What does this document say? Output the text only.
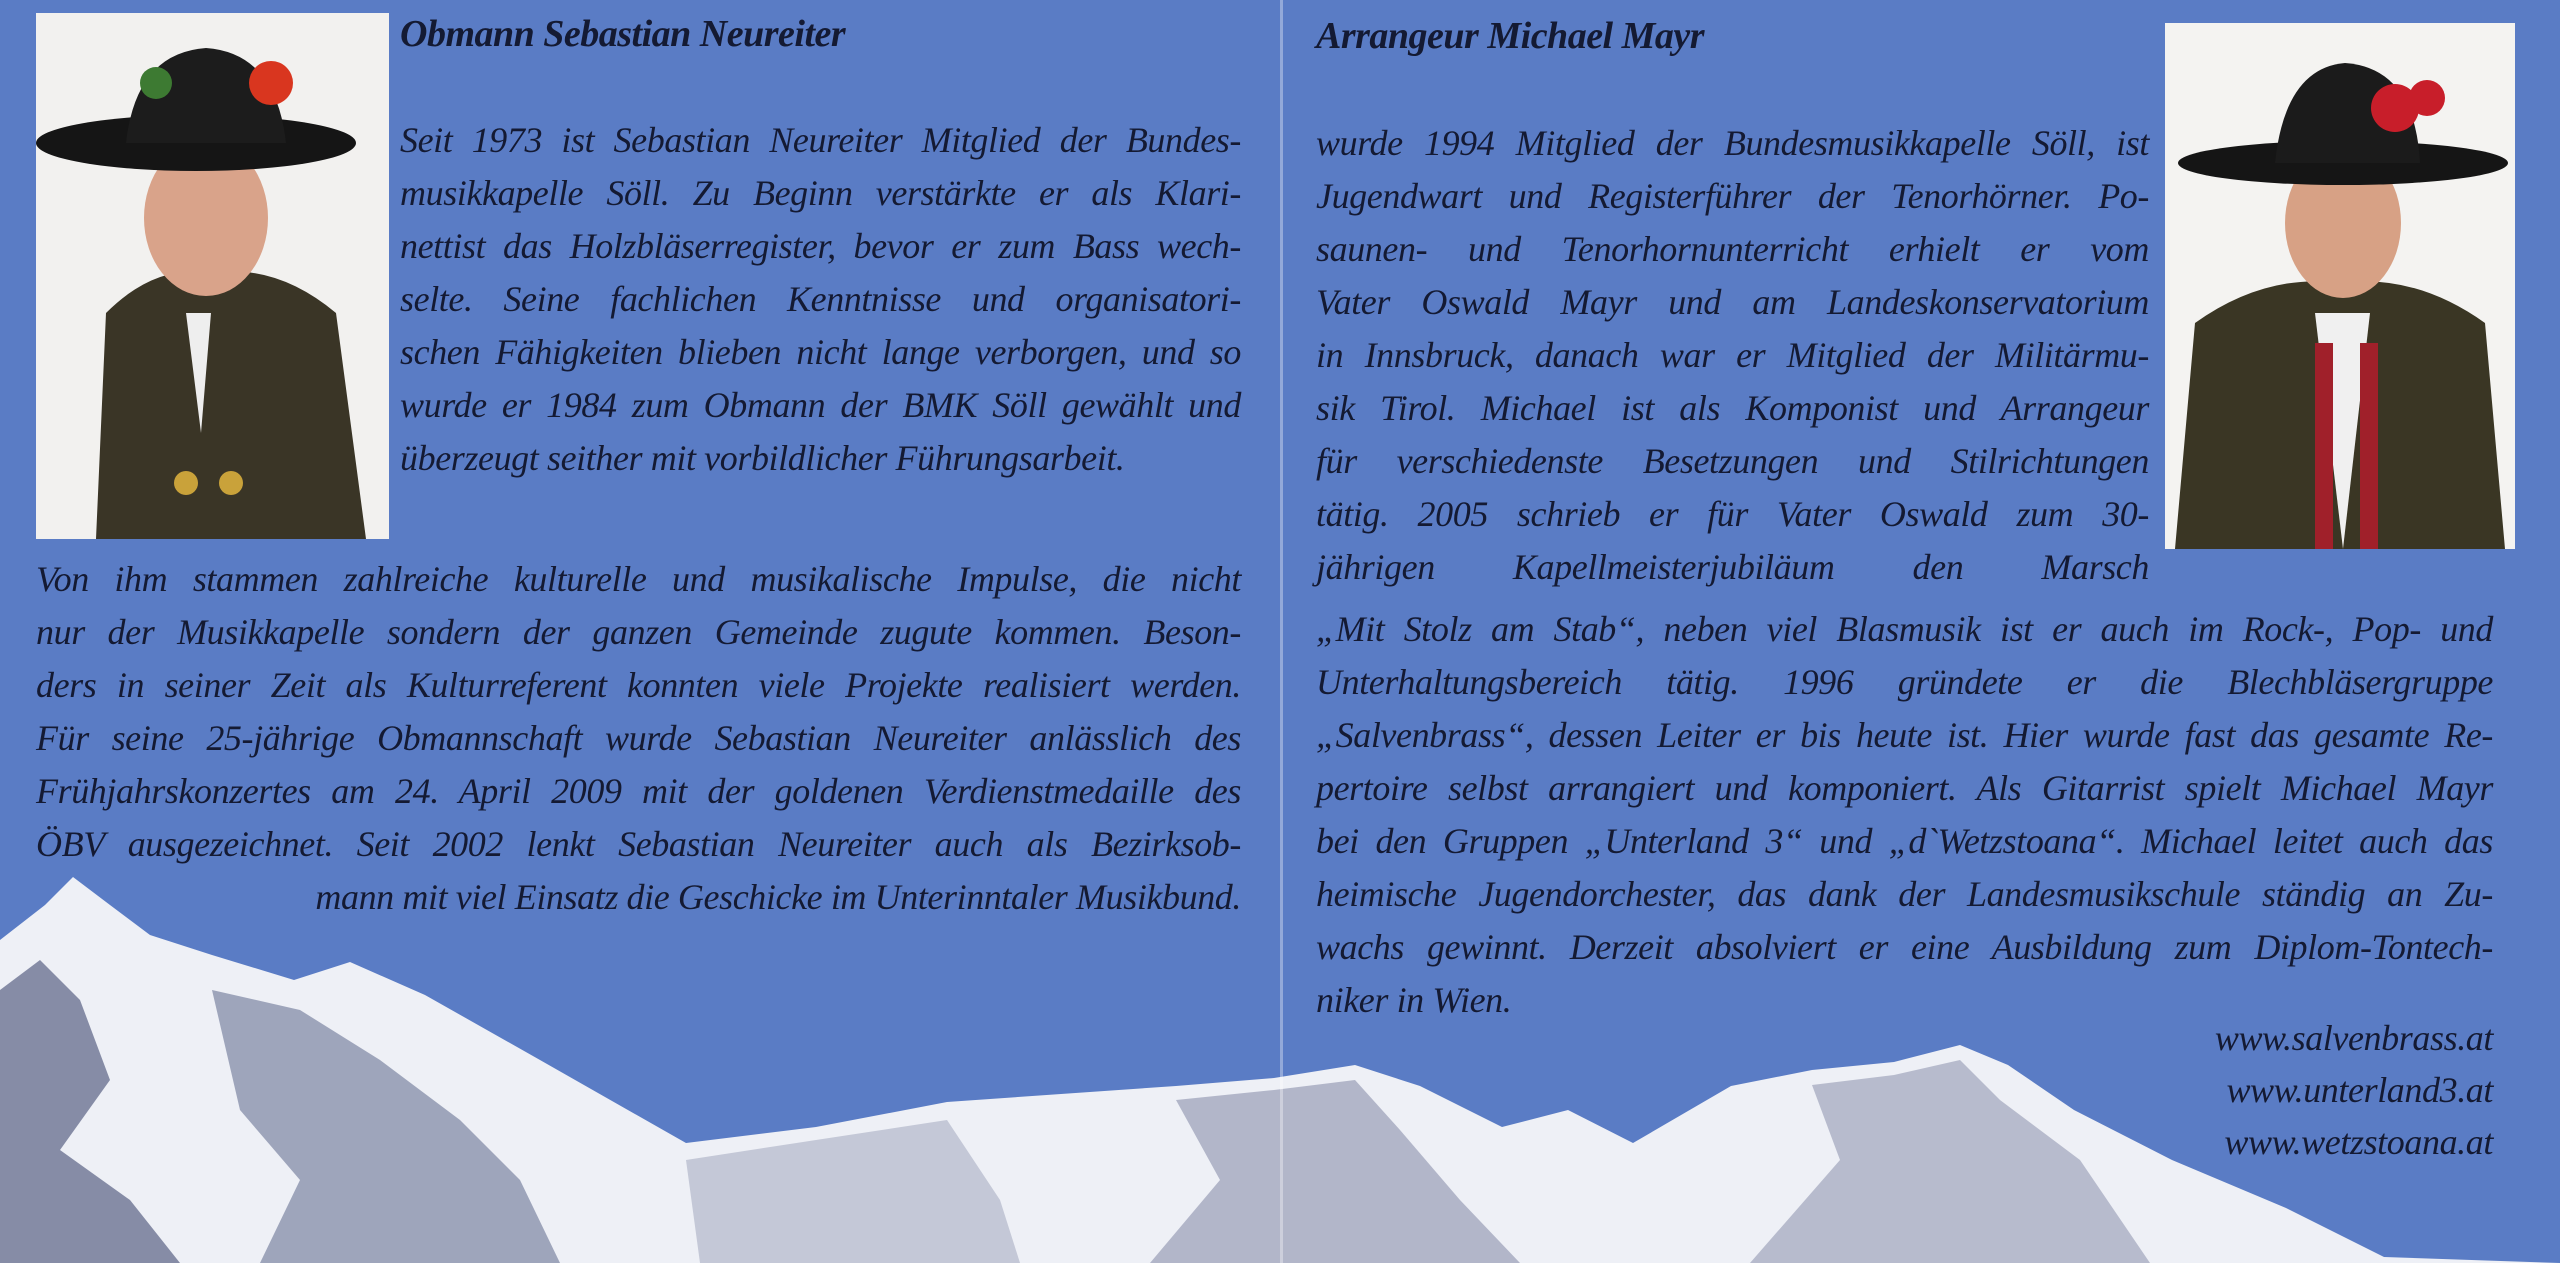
Obmann Sebastian Neureiter	Arrangeur Michael Mayr
Seit 1973 ist Sebastian Neureiter Mitglied der Bundes-
musikkapelle Söll. Zu Beginn verstärkte er als Klari-
nettist das Holzbläserregister, bevor er zum Bass wech-
selte. Seine fachlichen Kenntnisse und organisatori-
schen Fähigkeiten blieben nicht lange verborgen, und so
wurde er 1984 zum Obmann der BMK Söll gewählt und
überzeugt seither mit vorbildlicher Führungsarbeit.
Von ihm stammen zahlreiche kulturelle und musikalische Impulse, die nicht
nur der Musikkapelle sondern der ganzen Gemeinde zugute kommen. Beson-
ders in seiner Zeit als Kulturreferent konnten viele Projekte realisiert werden.
Für seine 25-jährige Obmannschaft wurde Sebastian Neureiter anlässlich des
Frühjahrskonzertes am 24. April 2009 mit der goldenen Verdienstmedaille des
ÖBV ausgezeichnet. Seit 2002 lenkt Sebastian Neureiter auch als Bezirksob-
mann mit viel Einsatz die Geschicke im Unterinntaler Musikbund.
wurde 1994 Mitglied der Bundesmusikkapelle Söll, ist
Jugendwart und Registerführer der Tenorhörner. Po-
saunen- und Tenorhornunterricht erhielt er vom
Vater Oswald Mayr und am Landeskonservatorium
in Innsbruck, danach war er Mitglied der Militärmu-
sik Tirol. Michael ist als Komponist und Arrangeur
für verschiedenste Besetzungen und Stilrichtungen
tätig. 2005 schrieb er für Vater Oswald zum 30-
jährigen Kapellmeisterjubiläum den Marsch
„Mit Stolz am Stab“, neben viel Blasmusik ist er auch im Rock-, Pop- und
Unterhaltungsbereich tätig. 1996 gründete er die Blechbläsergruppe
„Salvenbrass“, dessen Leiter er bis heute ist. Hier wurde fast das gesamte Re-
pertoire selbst arrangiert und komponiert. Als Gitarrist spielt Michael Mayr
bei den Gruppen „Unterland 3“ und „d`Wetzstoana“. Michael leitet auch das
heimische Jugendorchester, das dank der Landesmusikschule ständig an Zu-
wachs gewinnt. Derzeit absolviert er eine Ausbildung zum Diplom-Tontech-
niker in Wien.
www.salvenbrass.at
www.unterland3.at
www.wetzstoana.at
